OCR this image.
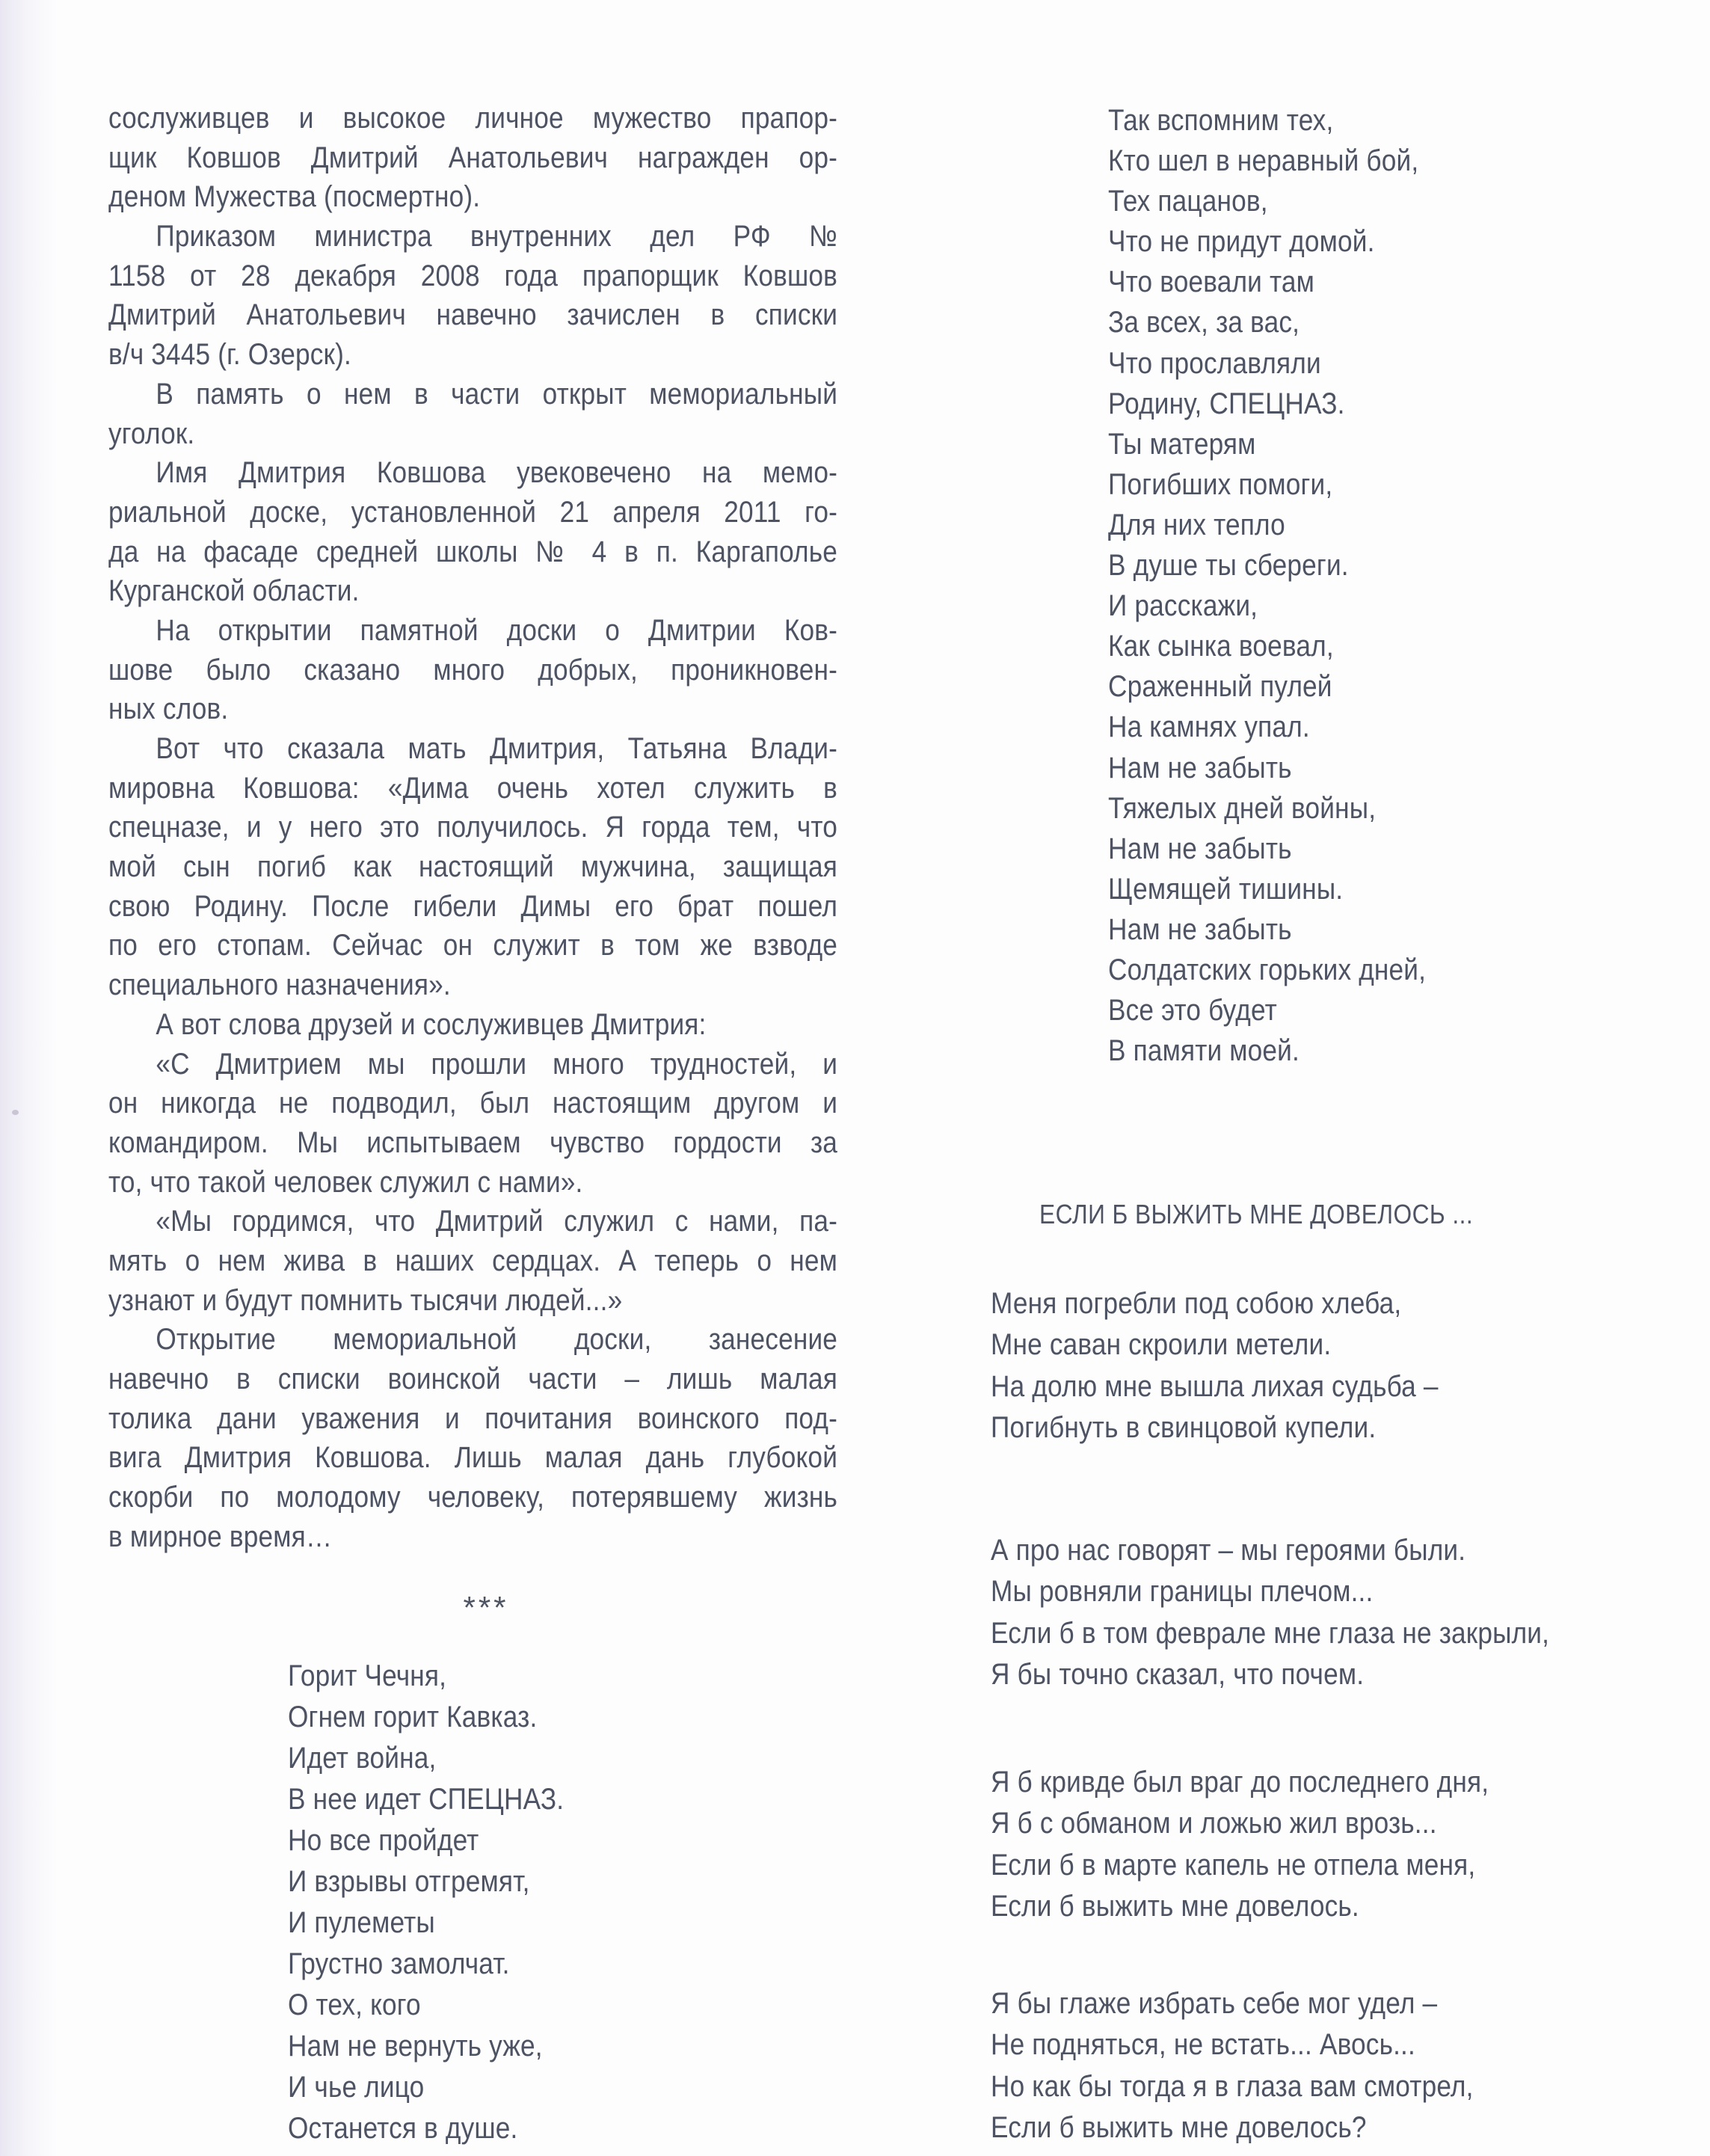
сослуживцев и высокое личное мужество прапор-
щик Ковшов Дмитрий Анатольевич награжден ор-
деном Мужества (посмертно).
Приказом министра внутренних дел РФ №
1158 от 28 декабря 2008 года прапорщик Ковшов
Дмитрий Анатольевич навечно зачислен в списки
в/ч 3445 (г. Озерск).
В память о нем в части открыт мемориальный
уголок.
Имя Дмитрия Ковшова увековечено на мемо-
риальной доске, установленной 21 апреля 2011 го-
да на фасаде средней школы № 4 в п. Каргаполье
Курганской области.
На открытии памятной доски о Дмитрии Ков-
шове было сказано много добрых, проникновен-
ных слов.
Вот что сказала мать Дмитрия, Татьяна Влади-
мировна Ковшова: «Дима очень хотел служить в
спецназе, и у него это получилось. Я горда тем, что
мой сын погиб как настоящий мужчина, защищая
свою Родину. После гибели Димы его брат пошел
по его стопам. Сейчас он служит в том же взводе
специального назначения».
А вот слова друзей и сослуживцев Дмитрия:
«С Дмитрием мы прошли много трудностей, и
он никогда не подводил, был настоящим другом и
командиром. Мы испытываем чувство гордости за
то, что такой человек служил с нами».
«Мы гордимся, что Дмитрий служил с нами, па-
мять о нем жива в наших сердцах. А теперь о нем
узнают и будут помнить тысячи людей...»
Открытие мемориальной доски, занесение
навечно в списки воинской части – лишь малая
толика дани уважения и почитания воинского под-
вига Дмитрия Ковшова. Лишь малая дань глубокой
скорби по молодому человеку, потерявшему жизнь
в мирное время…
***
Горит Чечня,
Огнем горит Кавказ.
Идет война,
В нее идет СПЕЦНАЗ.
Но все пройдет
И взрывы отгремят,
И пулеметы
Грустно замолчат.
О тех, кого
Нам не вернуть уже,
И чье лицо
Останется в душе.
Так вспомним тех,
Кто шел в неравный бой,
Тех пацанов,
Что не придут домой.
Что воевали там
За всех, за вас,
Что прославляли
Родину, СПЕЦНАЗ.
Ты матерям
Погибших помоги,
Для них тепло
В душе ты сбереги.
И расскажи,
Как сынка воевал,
Сраженный пулей
На камнях упал.
Нам не забыть
Тяжелых дней войны,
Нам не забыть
Щемящей тишины.
Нам не забыть
Солдатских горьких дней,
Все это будет
В памяти моей.
ЕСЛИ Б ВЫЖИТЬ МНЕ ДОВЕЛОСЬ ...
Меня погребли под собою хлеба,
Мне саван скроили метели.
На долю мне вышла лихая судьба –
Погибнуть в свинцовой купели.
А про нас говорят – мы героями были.
Мы ровняли границы плечом...
Если б в том феврале мне глаза не закрыли,
Я бы точно сказал, что почем.
Я б кривде был враг до последнего дня,
Я б с обманом и ложью жил врозь...
Если б в марте капель не отпела меня,
Если б выжить мне довелось.
Я бы глаже избрать себе мог удел –
Не подняться, не встать... Авось...
Но как бы тогда я в глаза вам смотрел,
Если б выжить мне довелось?
